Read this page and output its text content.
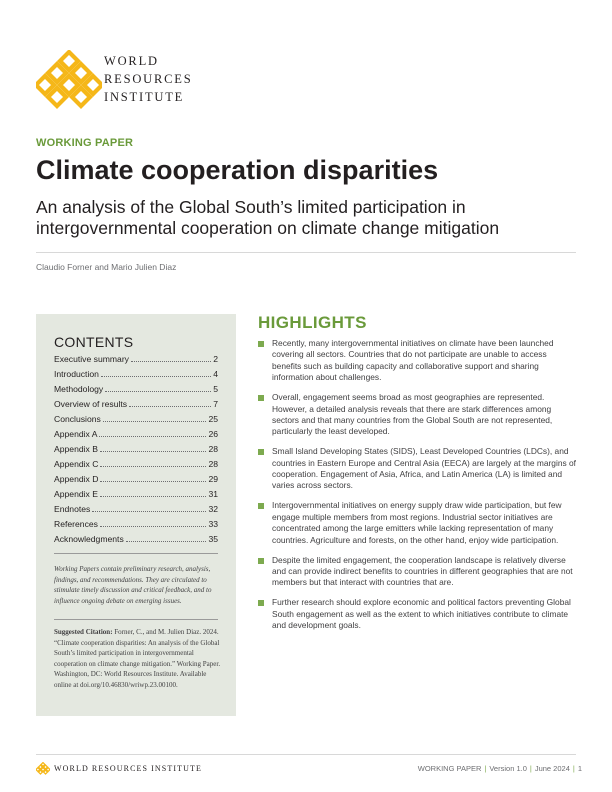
WORLD
RESOURCES
INSTITUTE
WORKING PAPER
Climate cooperation disparities
An analysis of the Global South’s limited participation in intergovernmental cooperation on climate change mitigation
Claudio Forner and Mario Julien Diaz
CONTENTS
Executive summary	2
Introduction	4
Methodology	5
Overview of results	7
Conclusions	25
Appendix A	26
Appendix B	28
Appendix C	28
Appendix D	29
Appendix E	31
Endnotes	32
References	33
Acknowledgments	35
Working Papers contain preliminary research, analysis, findings, and recommendations. They are circulated to stimulate timely discussion and critical feedback, and to influence ongoing debate on emerging issues.
Suggested Citation: Forner, C., and M. Julien Diaz. 2024. “Climate cooperation disparities: An analysis of the Global South’s limited participation in intergovernmental cooperation on climate change mitigation.” Working Paper. Washington, DC: World Resources Institute. Available online at doi.org/10.46830/wriwp.23.00100.
HIGHLIGHTS
Recently, many intergovernmental initiatives on climate have been launched covering all sectors. Countries that do not participate are unable to access benefits such as building capacity and collaborative support and sharing information about challenges.
Overall, engagement seems broad as most geographies are represented. However, a detailed analysis reveals that there are stark differences among sectors and that many countries from the Global South are not represented, particularly the least developed.
Small Island Developing States (SIDS), Least Developed Countries (LDCs), and countries in Eastern Europe and Central Asia (EECA) are largely at the margins of cooperation. Engagement of Asia, Africa, and Latin America (LA) is limited and varies across sectors.
Intergovernmental initiatives on energy supply draw wide participation, but few engage multiple members from most regions. Industrial sector initiatives are concentrated among the large emitters while lacking representation of many countries. Agriculture and forests, on the other hand, enjoy wide participation.
Despite the limited engagement, the cooperation landscape is relatively diverse and can provide indirect benefits to countries in different geographies that are not members but that interact with countries that are.
Further research should explore economic and political factors preventing Global South engagement as well as the extent to which initiatives contribute to climate and development goals.
WORLD RESOURCES INSTITUTE	WORKING PAPER | Version 1.0 | June 2024 | 1
